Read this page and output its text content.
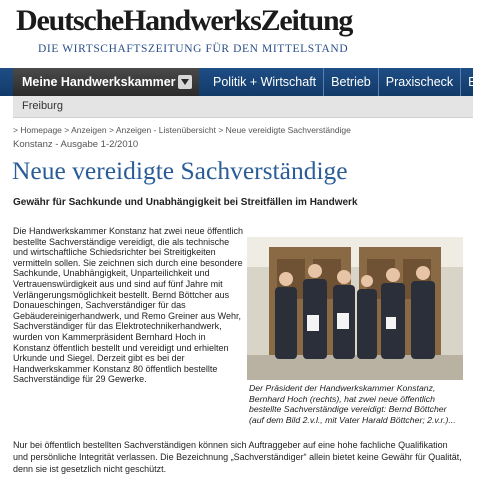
DeutscheHandwerksZeitung

DIE WIRTSCHAFTSZEITUNG FÜR DEN MITTELSTAND

Meine Handwerkskammer	Politik + Wirtschaft	Betrieb	Praxischeck	Expe
Freiburg
> Homepage > Anzeigen > Anzeigen - Listenübersicht > Neue vereidigte Sachverständige
Konstanz - Ausgabe 1-2/2010
Neue vereidigte Sachverständige

Gewähr für Sachkunde und Unabhängigkeit bei Streitfällen im Handwerk

Die Handwerkskammer Konstanz hat zwei neue öffentlich bestellte Sachverständige vereidigt, die als technische und wirtschaftliche Schiedsrichter bei Streitigkeiten vermitteln sollen. Sie zeichnen sich durch eine besondere Sachkunde, Unabhängigkeit, Unparteilichkeit und Vertrauenswürdigkeit aus und sind auf fünf Jahre mit Verlängerungsmöglichkeit bestellt. Bernd Böttcher aus Donaueschingen, Sachverständiger für das Gebäudereinigerhandwerk, und Remo Greiner aus Wehr, Sachverständiger für das Elektrotechnikerhandwerk, wurden von Kammerpräsident Bernhard Hoch in Konstanz öffentlich bestellt und vereidigt und erhielten Urkunde und Siegel. Derzeit gibt es bei der Handwerkskammer Konstanz 80 öffentlich bestellte Sachverständige für 29 Gewerke.

Der Präsident der Handwerkskammer Konstanz, Bernhard Hoch (rechts), hat zwei neue öffentlich bestellte Sachverständige vereidigt: Bernd Böttcher (auf dem Bild 2.v.l., mit Vater Harald Böttcher; 2.v.r.)...

Nur bei öffentlich bestellten Sachverständigen können sich Auftraggeber auf eine hohe fachliche Qualifikation und persönliche Integrität verlassen. Die Bezeichnung „Sachverständiger“ allein bietet keine Gewähr für Qualität, denn sie ist gesetzlich nicht geschützt.
